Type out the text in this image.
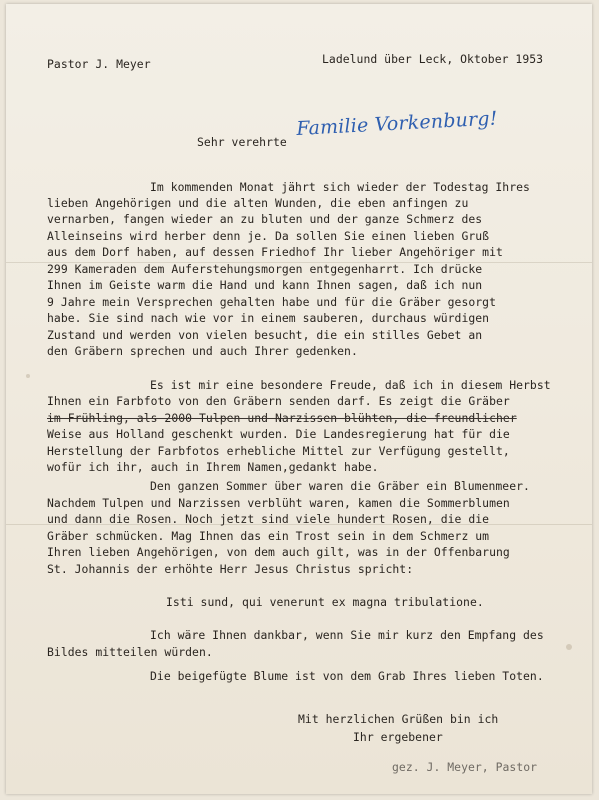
Pastor J. Meyer	Ladelund über Leck, Oktober 1953
Sehr verehrte
Familie Vorkenburg!
Im kommenden Monat jährt sich wieder der Todestag Ihres
lieben Angehörigen und die alten Wunden, die eben anfingen zu
vernarben, fangen wieder an zu bluten und der ganze Schmerz des
Alleinseins wird herber denn je. Da sollen Sie einen lieben Gruß
aus dem Dorf haben, auf dessen Friedhof Ihr lieber Angehöriger mit
299 Kameraden dem Auferstehungsmorgen entgegenharrt. Ich drücke
Ihnen im Geiste warm die Hand und kann Ihnen sagen, daß ich nun
9 Jahre mein Versprechen gehalten habe und für die Gräber gesorgt
habe. Sie sind nach wie vor in einem sauberen, durchaus würdigen
Zustand und werden von vielen besucht, die ein stilles Gebet an
den Gräbern sprechen und auch Ihrer gedenken.
Es ist mir eine besondere Freude, daß ich in diesem Herbst
Ihnen ein Farbfoto von den Gräbern senden darf. Es zeigt die Gräber
im Frühling, als 2000 Tulpen und Narzissen blühten, die freundlicher
Weise aus Holland geschenkt wurden. Die Landesregierung hat für die
Herstellung der Farbfotos erhebliche Mittel zur Verfügung gestellt,
wofür ich ihr, auch in Ihrem Namen,gedankt habe.
Den ganzen Sommer über waren die Gräber ein Blumenmeer.
Nachdem Tulpen und Narzissen verblüht waren, kamen die Sommerblumen
und dann die Rosen. Noch jetzt sind viele hundert Rosen, die die
Gräber schmücken. Mag Ihnen das ein Trost sein in dem Schmerz um
Ihren lieben Angehörigen, von dem auch gilt, was in der Offenbarung
St. Johannis der erhöhte Herr Jesus Christus spricht:
Isti sund, qui venerunt ex magna tribulatione.
Ich wäre Ihnen dankbar, wenn Sie mir kurz den Empfang des
Bildes mitteilen würden.
Die beigefügte Blume ist von dem Grab Ihres lieben Toten.
Mit herzlichen Grüßen bin ich
Ihr ergebener
gez. J. Meyer, Pastor
